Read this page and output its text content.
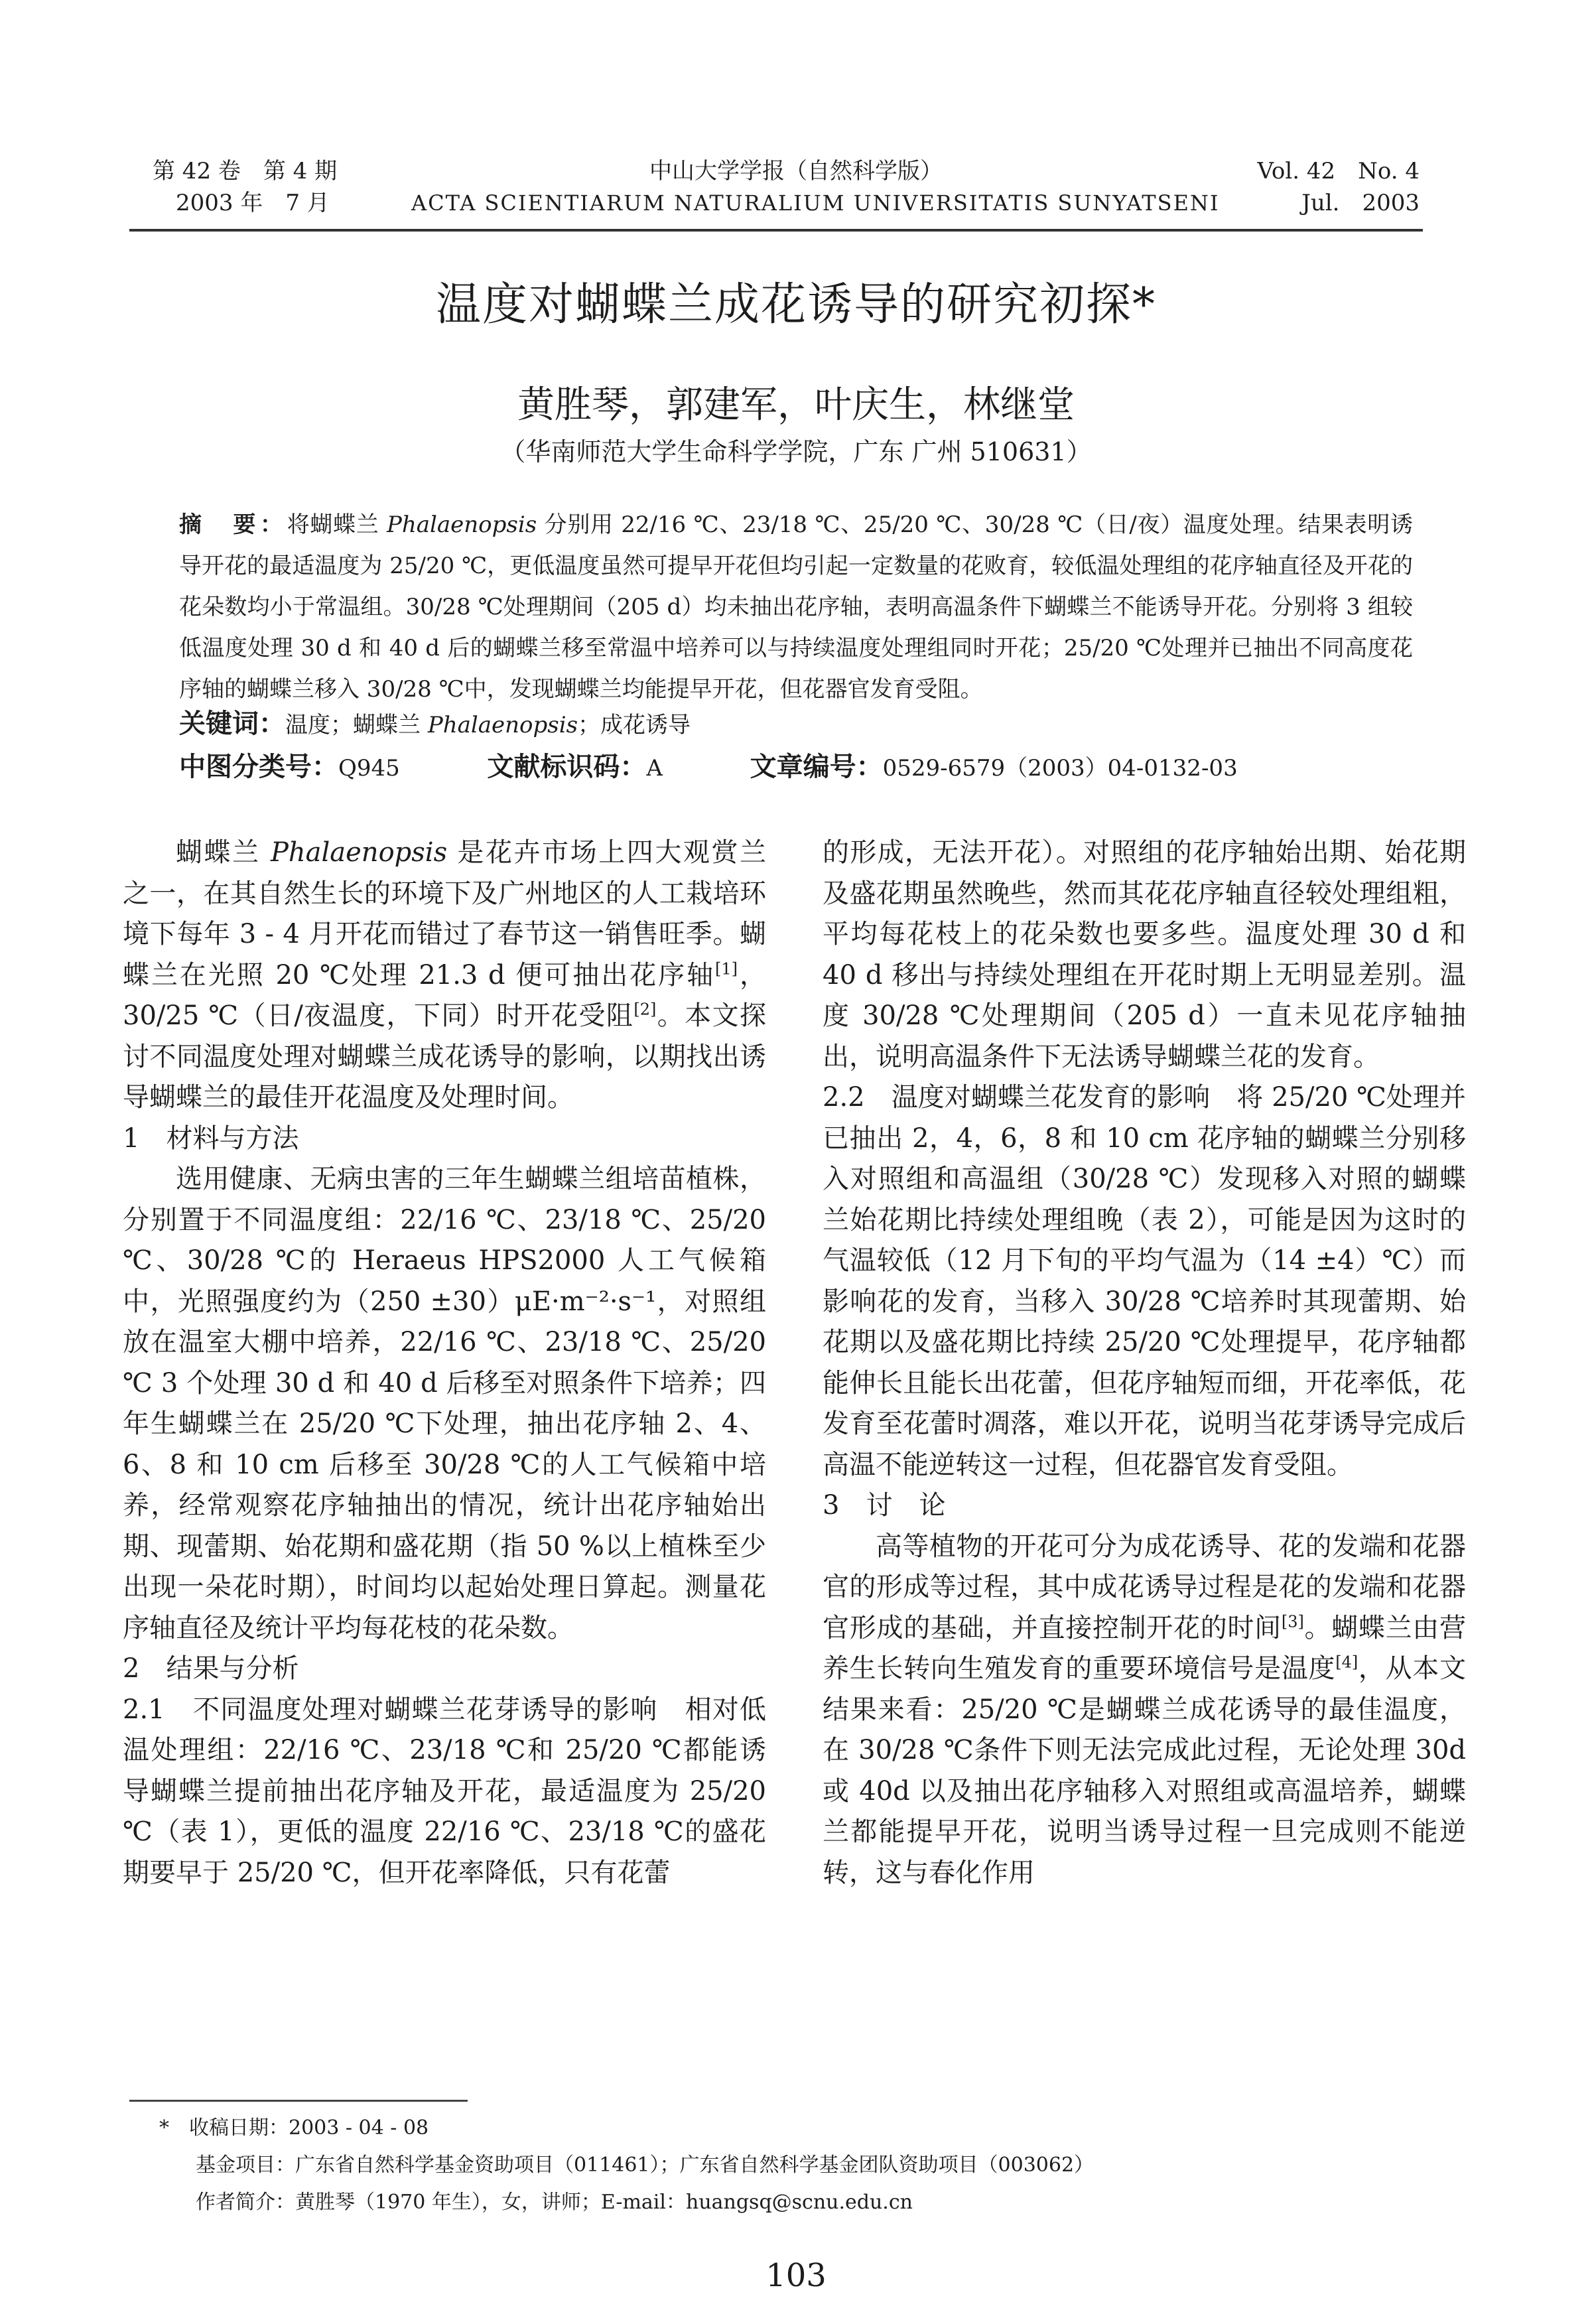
第 42 卷　第 4 期
2003 年　7 月
中山大学学报（自然科学版）
ACTA SCIENTIARUM NATURALIUM UNIVERSITATIS SUNYATSENI
Vol. 42　No. 4
Jul.　2003
温度对蝴蝶兰成花诱导的研究初探*
黄胜琴，郭建军，叶庆生，林继堂
（华南师范大学生命科学学院，广东 广州 510631）
摘　要：将蝴蝶兰 Phalaenopsis 分别用 22/16 ℃、23/18 ℃、25/20 ℃、30/28 ℃（日/夜）温度处理。结果表明诱导开花的最适温度为 25/20 ℃，更低温度虽然可提早开花但均引起一定数量的花败育，较低温处理组的花序轴直径及开花的花朵数均小于常温组。30/28 ℃处理期间（205 d）均未抽出花序轴，表明高温条件下蝴蝶兰不能诱导开花。分别将 3 组较低温度处理 30 d 和 40 d 后的蝴蝶兰移至常温中培养可以与持续温度处理组同时开花；25/20 ℃处理并已抽出不同高度花序轴的蝴蝶兰移入 30/28 ℃中，发现蝴蝶兰均能提早开花，但花器官发育受阻。
关键词：温度；蝴蝶兰 Phalaenopsis；成花诱导
中图分类号：Q945	文献标识码：A	文章编号：0529-6579（2003）04-0132-03

蝴蝶兰 Phalaenopsis 是花卉市场上四大观赏兰之一，在其自然生长的环境下及广州地区的人工栽培环境下每年 3 - 4 月开花而错过了春节这一销售旺季。蝴蝶兰在光照 20 ℃处理 21.3 d 便可抽出花序轴[1]，30/25 ℃（日/夜温度，下同）时开花受阻[2]。本文探讨不同温度处理对蝴蝶兰成花诱导的影响，以期找出诱导蝴蝶兰的最佳开花温度及处理时间。

1　材料与方法

选用健康、无病虫害的三年生蝴蝶兰组培苗植株，分别置于不同温度组：22/16 ℃、23/18 ℃、25/20 ℃、30/28 ℃的 Heraeus HPS2000 人工气候箱中，光照强度约为（250 ±30）μE·m⁻²·s⁻¹，对照组放在温室大棚中培养，22/16 ℃、23/18 ℃、25/20 ℃ 3 个处理 30 d 和 40 d 后移至对照条件下培养；四年生蝴蝶兰在 25/20 ℃下处理，抽出花序轴 2、4、6、8 和 10 cm 后移至 30/28 ℃的人工气候箱中培养，经常观察花序轴抽出的情况，统计出花序轴始出期、现蕾期、始花期和盛花期（指 50 %以上植株至少出现一朵花时期），时间均以起始处理日算起。测量花序轴直径及统计平均每花枝的花朵数。

2　结果与分析

2.1　不同温度处理对蝴蝶兰花芽诱导的影响　相对低温处理组：22/16 ℃、23/18 ℃和 25/20 ℃都能诱导蝴蝶兰提前抽出花序轴及开花，最适温度为 25/20 ℃（表 1），更低的温度 22/16 ℃、23/18 ℃的盛花期要早于 25/20 ℃，但开花率降低，只有花蕾

的形成，无法开花）。对照组的花序轴始出期、始花期及盛花期虽然晚些，然而其花花序轴直径较处理组粗，平均每花枝上的花朵数也要多些。温度处理 30 d 和 40 d 移出与持续处理组在开花时期上无明显差别。温度 30/28 ℃处理期间（205 d）一直未见花序轴抽出，说明高温条件下无法诱导蝴蝶兰花的发育。

2.2　温度对蝴蝶兰花发育的影响　将 25/20 ℃处理并已抽出 2，4，6，8 和 10 cm 花序轴的蝴蝶兰分别移入对照组和高温组（30/28 ℃）发现移入对照的蝴蝶兰始花期比持续处理组晚（表 2），可能是因为这时的气温较低（12 月下旬的平均气温为（14 ±4）℃）而影响花的发育，当移入 30/28 ℃培养时其现蕾期、始花期以及盛花期比持续 25/20 ℃处理提早，花序轴都能伸长且能长出花蕾，但花序轴短而细，开花率低，花发育至花蕾时凋落，难以开花，说明当花芽诱导完成后高温不能逆转这一过程，但花器官发育受阻。

3　讨　论

高等植物的开花可分为成花诱导、花的发端和花器官的形成等过程，其中成花诱导过程是花的发端和花器官形成的基础，并直接控制开花的时间[3]。蝴蝶兰由营养生长转向生殖发育的重要环境信号是温度[4]，从本文结果来看：25/20 ℃是蝴蝶兰成花诱导的最佳温度，在 30/28 ℃条件下则无法完成此过程，无论处理 30d 或 40d 以及抽出花序轴移入对照组或高温培养，蝴蝶兰都能提早开花，说明当诱导过程一旦完成则不能逆转，这与春化作用

*　收稿日期：2003 - 04 - 08

基金项目：广东省自然科学基金资助项目（011461）；广东省自然科学基金团队资助项目（003062）

作者简介：黄胜琴（1970 年生），女，讲师；E-mail：huangsq@scnu.edu.cn

103
